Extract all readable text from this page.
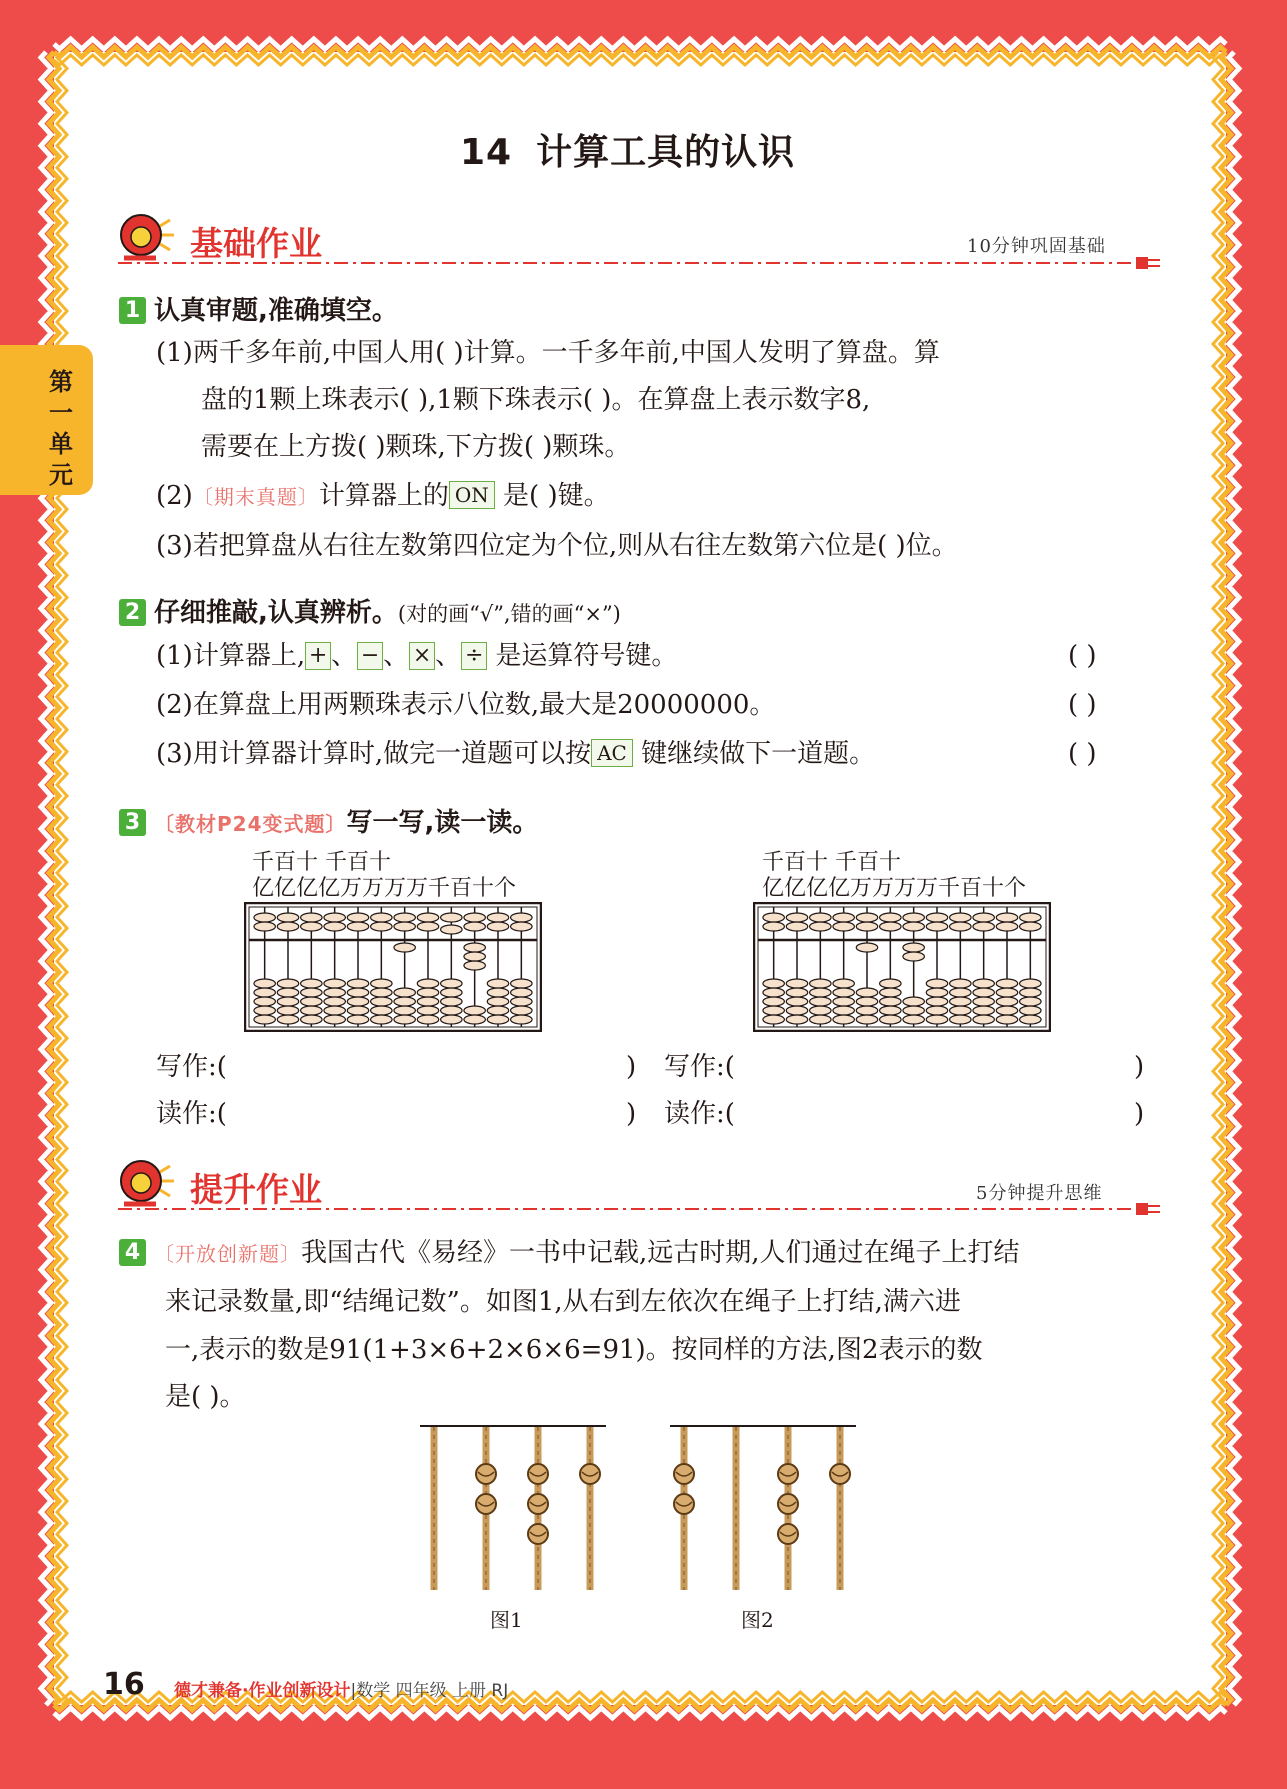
第一单元
14 计算工具的认识
基础作业	10分钟巩固基础
1 认真审题,准确填空。
(1)两千多年前,中国人用( )计算。一千多年前,中国人发明了算盘。算
盘的1颗上珠表示( ),1颗下珠表示( )。在算盘上表示数字8,
需要在上方拨( )颗珠,下方拨( )颗珠。
(2)〔期末真题〕计算器上的 ON 是( )键。
(3)若把算盘从右往左数第四位定为个位,则从右往左数第六位是( )位。
2 仔细推敲,认真辨析。(对的画“√”,错的画“×”)
(1)计算器上, + 、 − 、 × 、 ÷ 是运算符号键。	( )
(2)在算盘上用两颗珠表示八位数,最大是20000000。	( )
(3)用计算器计算时,做完一道题可以按 AC 键继续做下一道题。	( )
3 〔教材P24变式题〕写一写,读一读。
千百十 千百十
亿亿亿亿万万万万千百十个
千百十 千百十
亿亿亿亿万万万万千百十个
写作:(	) 写作:(	)
读作:(	) 读作:(	)
提升作业	5分钟提升思维
4 〔开放创新题〕我国古代《易经》一书中记载,远古时期,人们通过在绳子上打结
来记录数量,即“结绳记数”。如图1,从右到左依次在绳子上打结,满六进
一,表示的数是91(1+3×6+2×6×6=91)。按同样的方法,图2表示的数
是( )。
图1	图2
16 德才兼备·作业创新设计|数学 四年级 上册 RJ
